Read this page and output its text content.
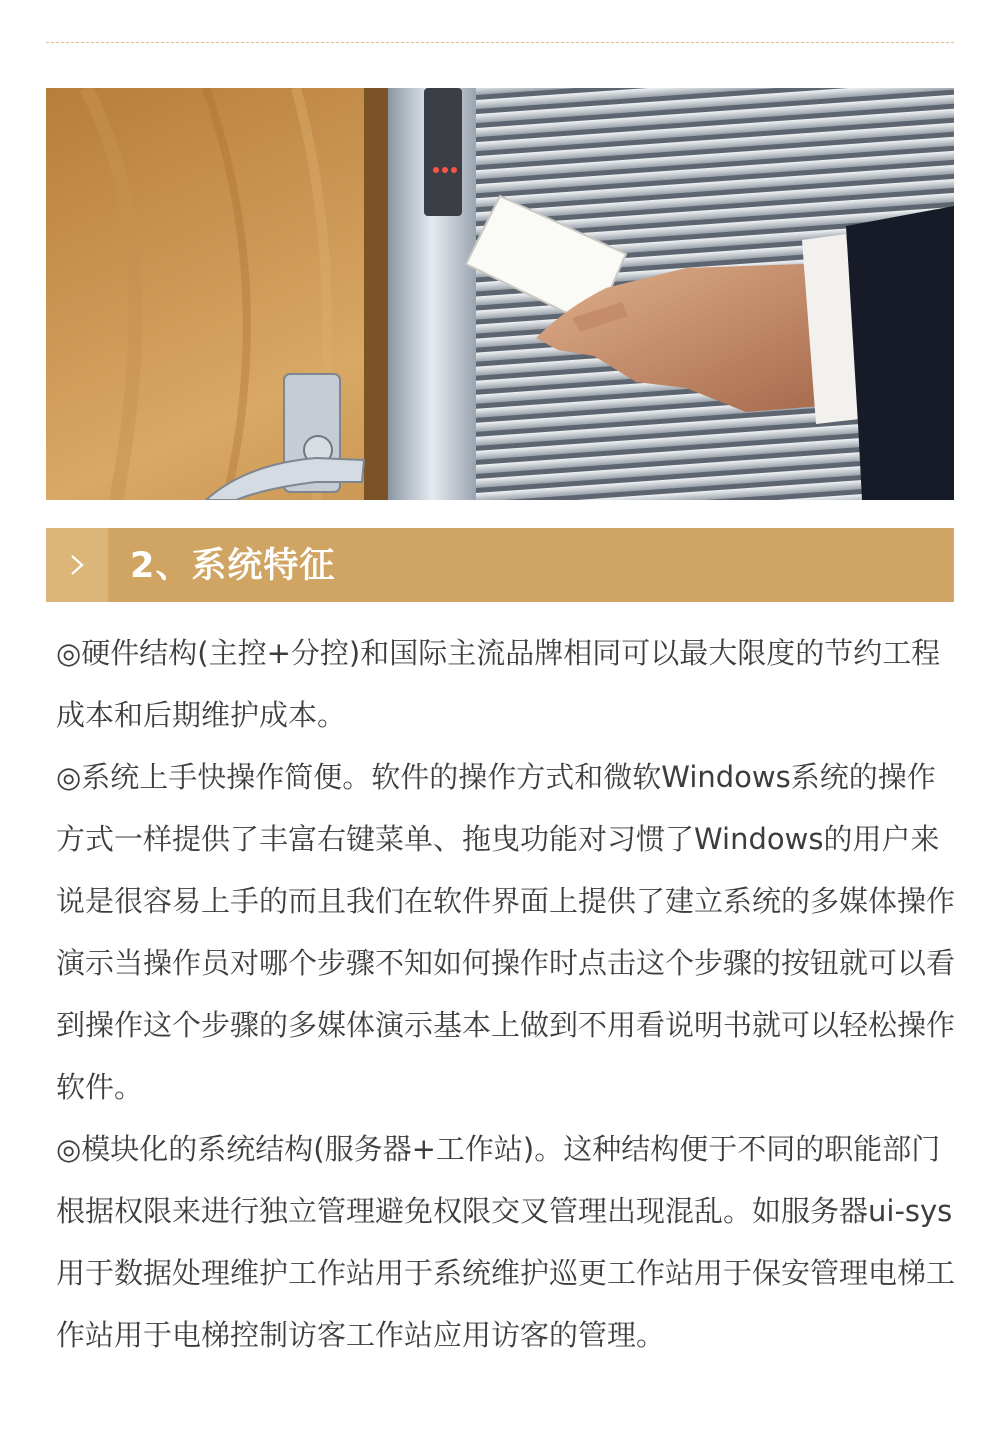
2、系统特征

◎硬件结构(主控+分控)和国际主流品牌相同可以最大限度的节约工程成本和后期维护成本。

◎系统上手快操作简便。软件的操作方式和微软Windows系统的操作方式一样提供了丰富右键菜单、拖曳功能对习惯了Windows的用户来说是很容易上手的而且我们在软件界面上提供了建立系统的多媒体操作演示当操作员对哪个步骤不知如何操作时点击这个步骤的按钮就可以看到操作这个步骤的多媒体演示基本上做到不用看说明书就可以轻松操作软件。

◎模块化的系统结构(服务器+工作站)。这种结构便于不同的职能部门根据权限来进行独立管理避免权限交叉管理出现混乱。如服务器ui-sys用于数据处理维护工作站用于系统维护巡更工作站用于保安管理电梯工作站用于电梯控制访客工作站应用访客的管理。
